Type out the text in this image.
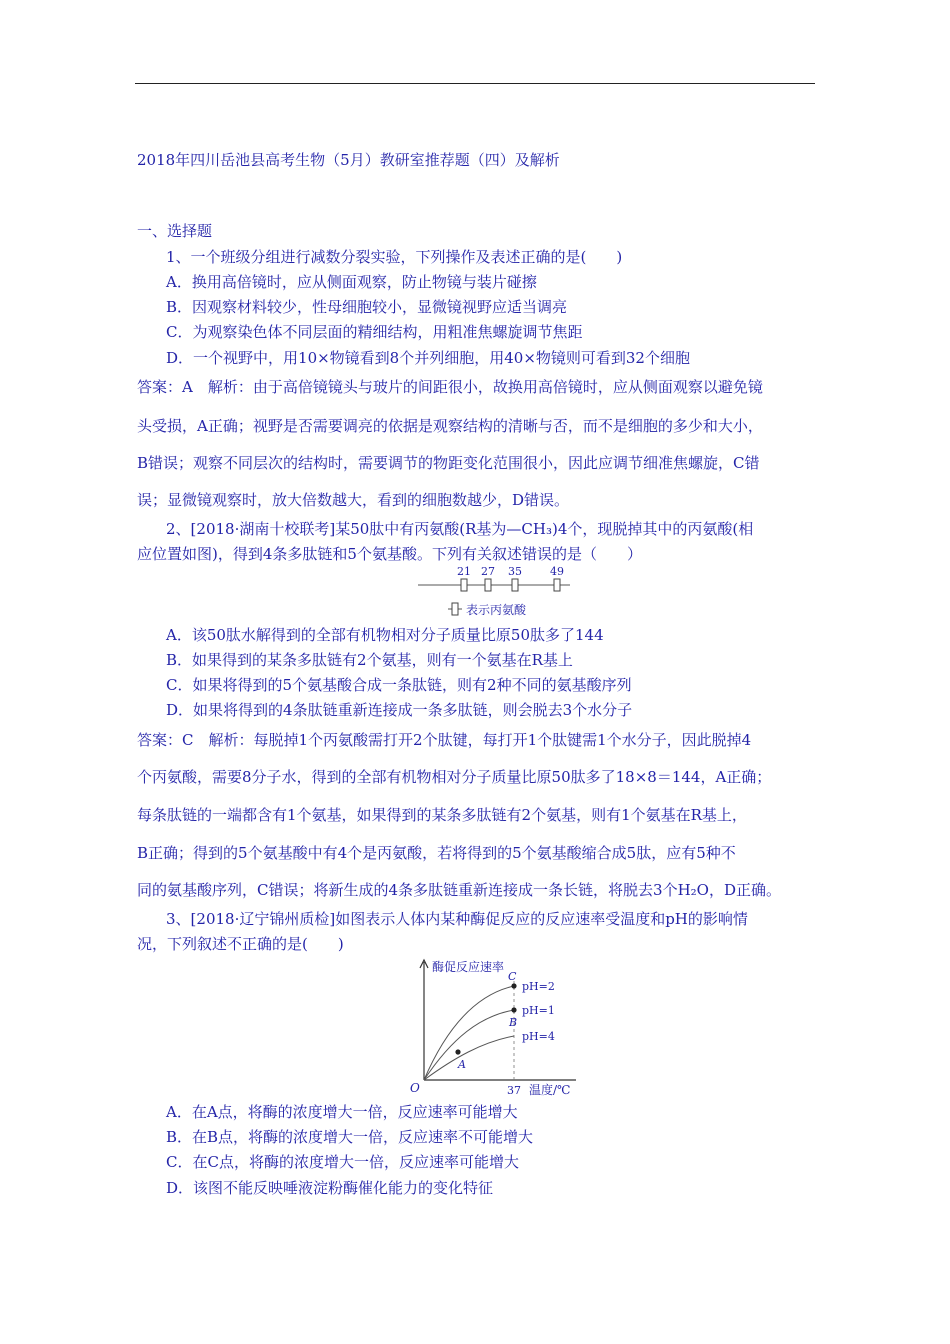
2018年四川岳池县高考生物（5月）教研室推荐题（四）及解析
一、选择题
1、一个班级分组进行减数分裂实验，下列操作及表述正确的是(　　)
A．换用高倍镜时，应从侧面观察，防止物镜与装片碰擦
B．因观察材料较少，性母细胞较小，显微镜视野应适当调亮
C．为观察染色体不同层面的精细结构，用粗准焦螺旋调节焦距
D．一个视野中，用10×物镜看到8个并列细胞，用40×物镜则可看到32个细胞
答案：A　解析：由于高倍镜镜头与玻片的间距很小，故换用高倍镜时，应从侧面观察以避免镜
头受损，A正确；视野是否需要调亮的依据是观察结构的清晰与否，而不是细胞的多少和大小，
B错误；观察不同层次的结构时，需要调节的物距变化范围很小，因此应调节细准焦螺旋，C错
误；显微镜观察时，放大倍数越大，看到的细胞数越少，D错误。
2、[2018·湖南十校联考]某50肽中有丙氨酸(R基为—CH₃)4个，现脱掉其中的丙氨酸(相
应位置如图)，得到4条多肽链和5个氨基酸。下列有关叙述错误的是（　　）
21 27 35	49
表示丙氨酸
A．该50肽水解得到的全部有机物相对分子质量比原50肽多了144
B．如果得到的某条多肽链有2个氨基，则有一个氨基在R基上
C．如果将得到的5个氨基酸合成一条肽链，则有2种不同的氨基酸序列
D．如果将得到的4条肽链重新连接成一条多肽链，则会脱去3个水分子
答案：C　解析：每脱掉1个丙氨酸需打开2个肽键，每打开1个肽键需1个水分子，因此脱掉4
个丙氨酸，需要8分子水，得到的全部有机物相对分子质量比原50肽多了18×8＝144，A正确；
每条肽链的一端都含有1个氨基，如果得到的某条多肽链有2个氨基，则有1个氨基在R基上，
B正确；得到的5个氨基酸中有4个是丙氨酸，若将得到的5个氨基酸缩合成5肽，应有5种不
同的氨基酸序列，C错误；将新生成的4条多肽链重新连接成一条长链，将脱去3个H₂O，D正确。
3、[2018·辽宁锦州质检]如图表示人体内某种酶促反应的反应速率受温度和pH的影响情
况，下列叙述不正确的是(　　)
酶促反应速率
O	37 温度/℃
pH=2
pH=1
pH=4
C
B
A
A．在A点，将酶的浓度增大一倍，反应速率可能增大
B．在B点，将酶的浓度增大一倍，反应速率不可能增大
C．在C点，将酶的浓度增大一倍，反应速率可能增大
D．该图不能反映唾液淀粉酶催化能力的变化特征
